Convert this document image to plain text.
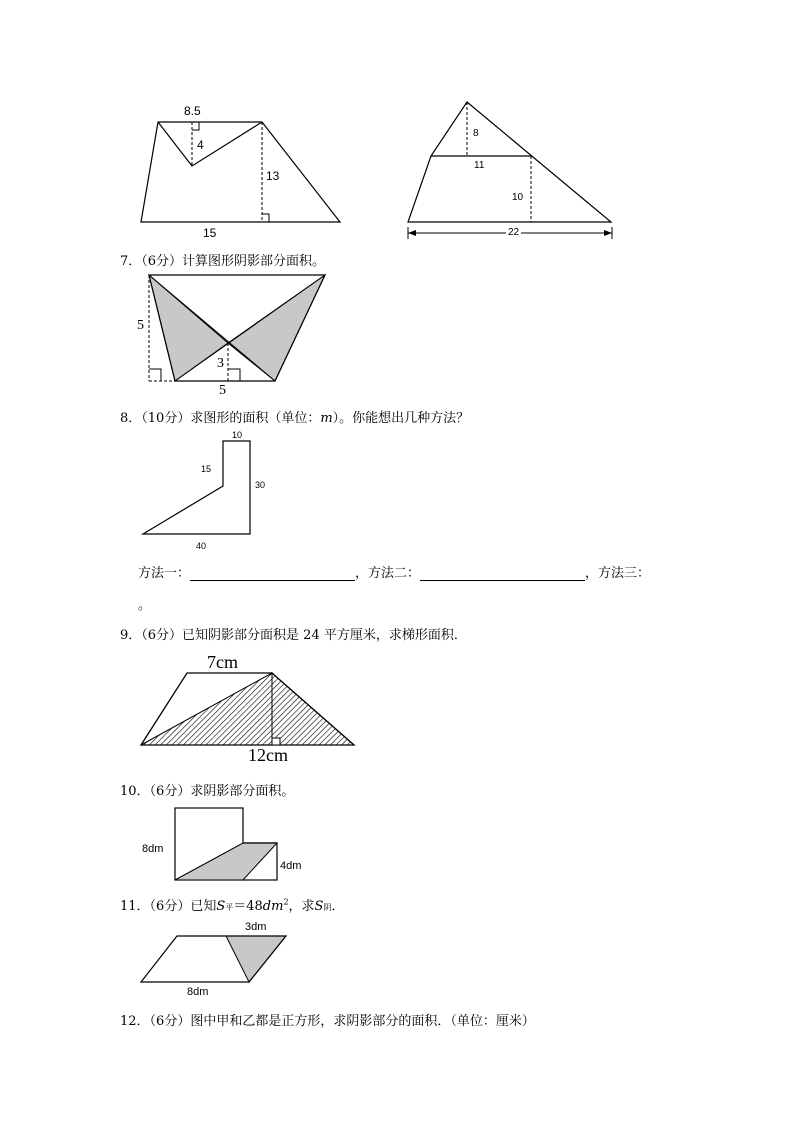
8.5
4
13
15
8
11
10
22
7．（6分）计算图形阴影部分面积。
5
3
5
8．（10分）求图形的面积（单位：m）。你能想出几种方法？
10
15
30
40
方法一：	，方法二：	，方法三：
。
9．（6分）已知阴影部分面积是 24 平方厘米，求梯形面积．
7cm
12cm
10．（6分）求阴影部分面积。
8dm
4dm
11．（6分）已知S平$=48dm^2$，求S阴．
3dm
8dm
12．（6分）图中甲和乙都是正方形，求阴影部分的面积．（单位：厘米）
